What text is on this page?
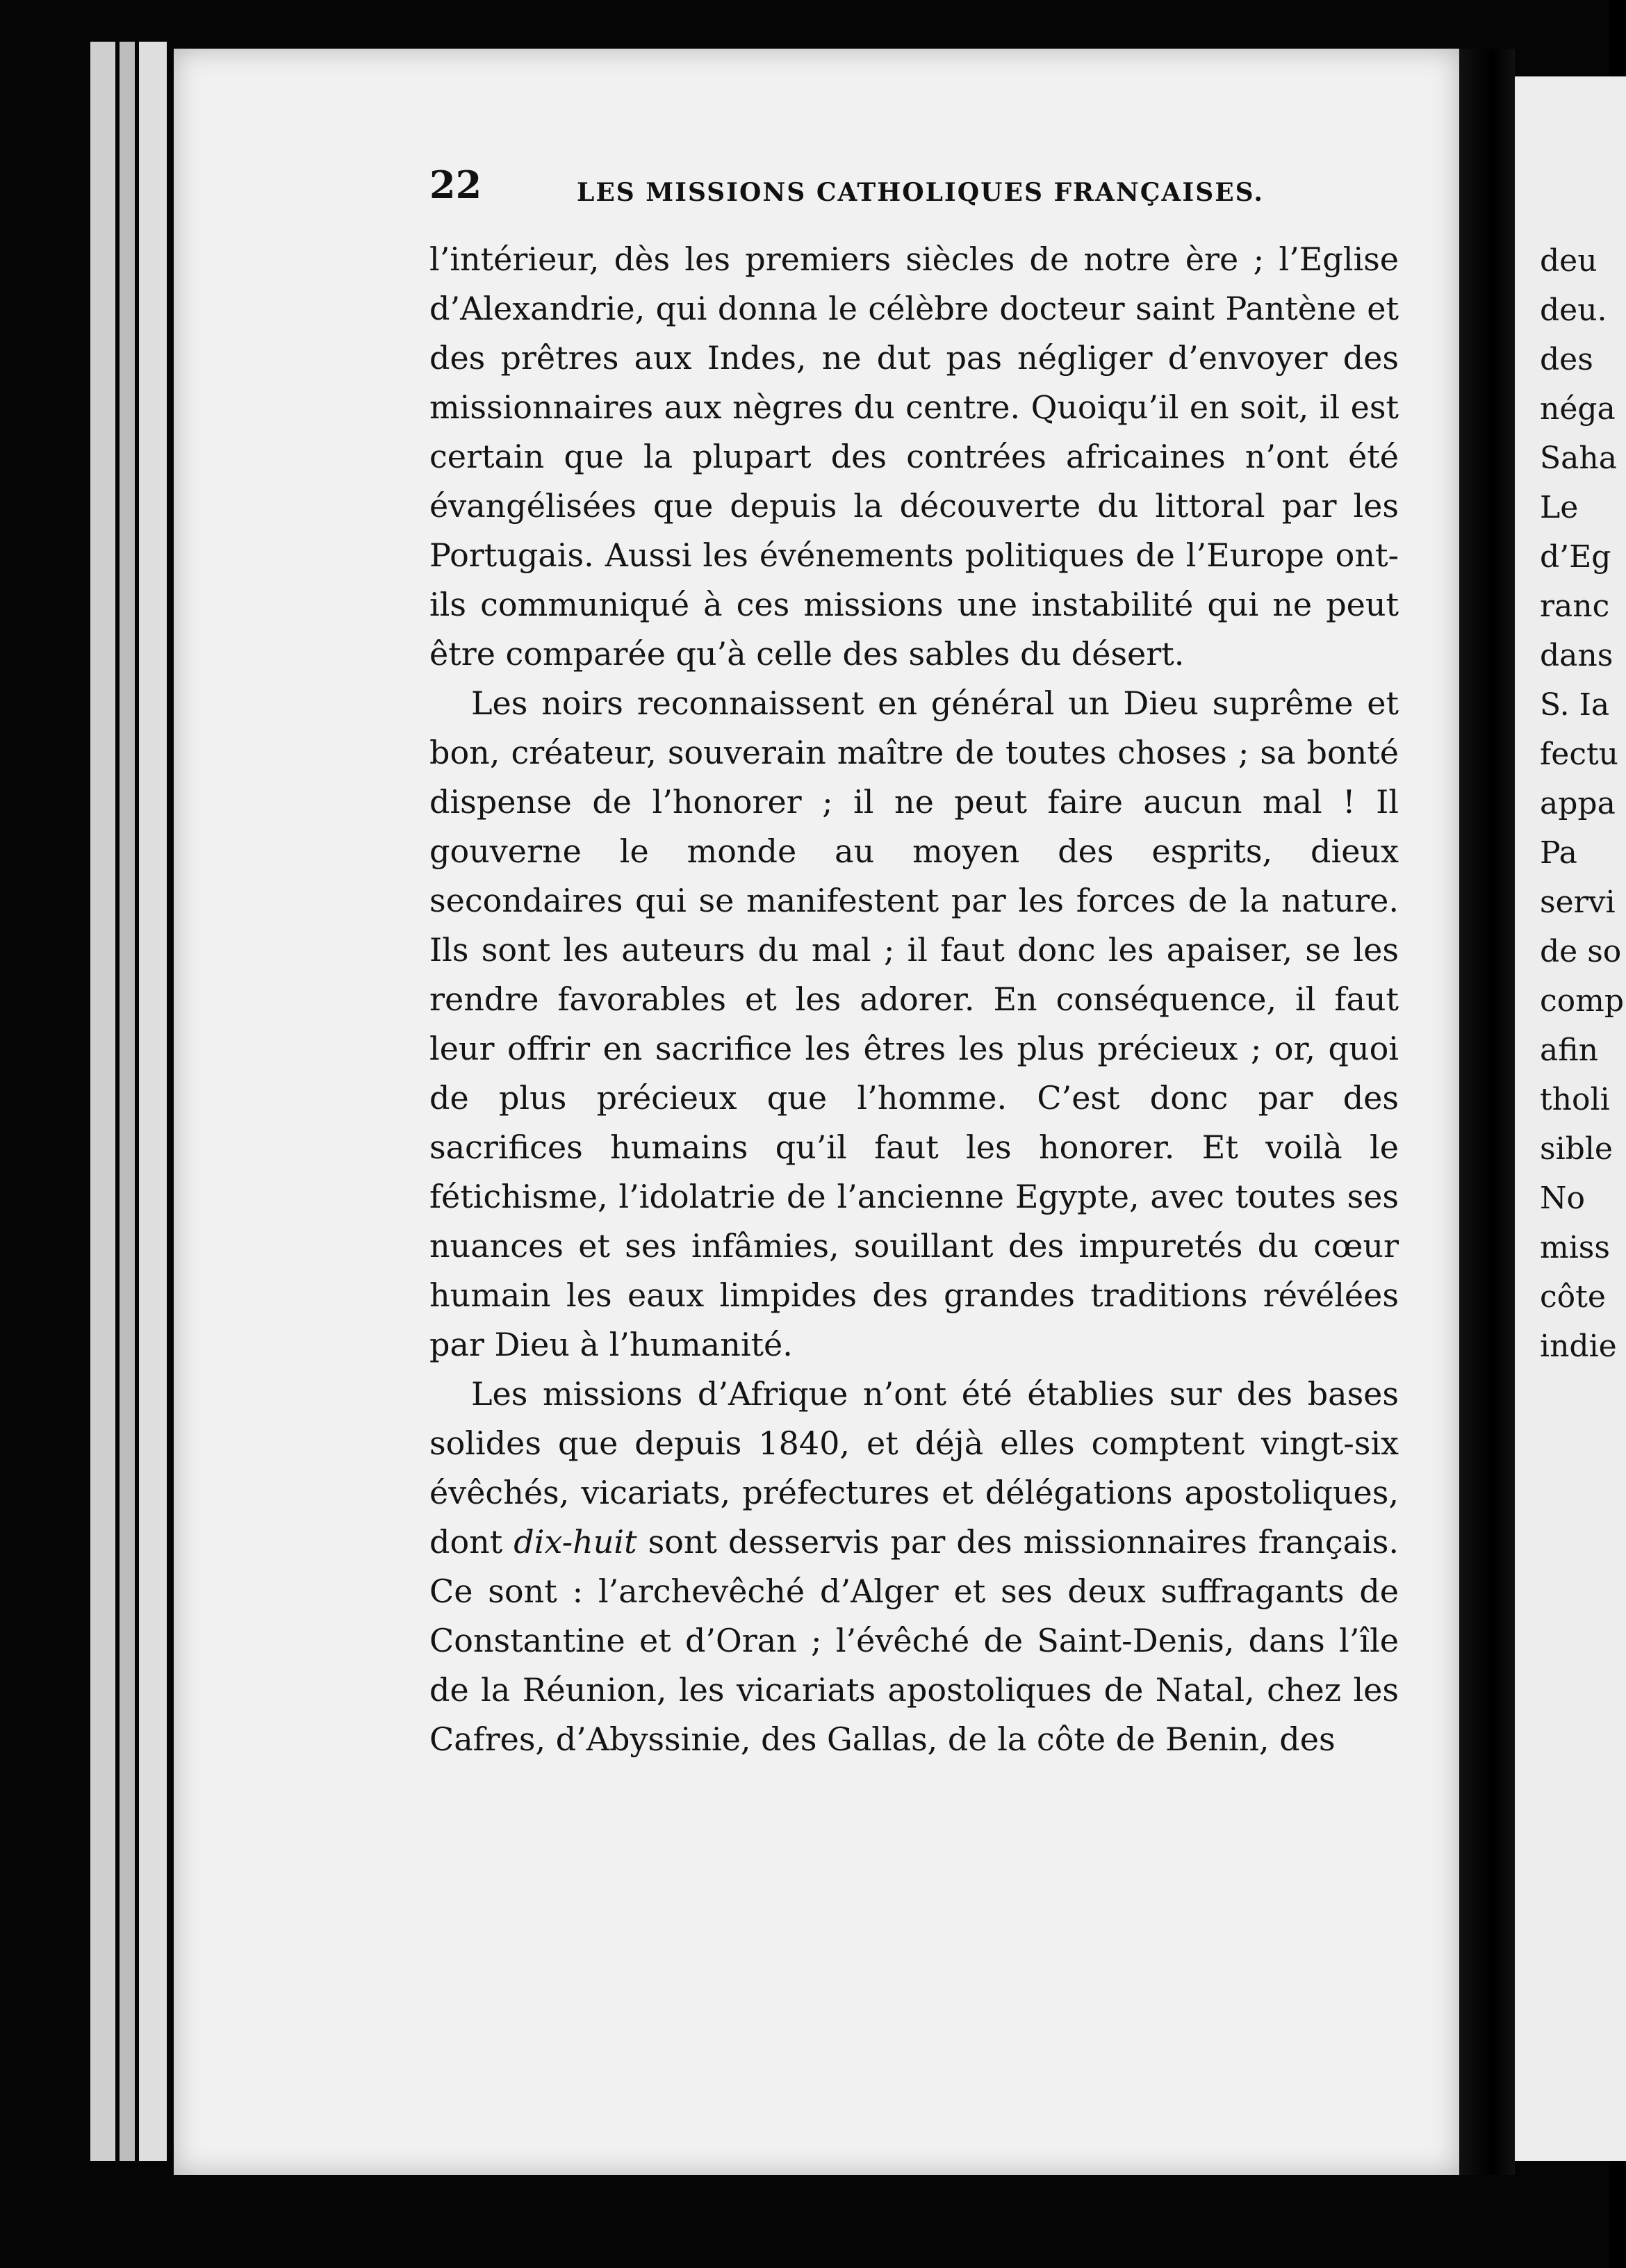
22	LES MISSIONS CATHOLIQUES FRANÇAISES.

l’intérieur, dès les premiers siècles de notre ère ; l’Eglise d’Alexandrie, qui donna le célèbre docteur saint Pantène et des prêtres aux Indes, ne dut pas négliger d’envoyer des missionnaires aux nègres du centre. Quoiqu’il en soit, il est certain que la plupart des contrées africaines n’ont été évangélisées que depuis la découverte du littoral par les Portugais. Aussi les événements politiques de l’Europe ont-ils communiqué à ces missions une instabilité qui ne peut être comparée qu’à celle des sables du désert.

Les noirs reconnaissent en général un Dieu suprême et bon, créateur, souverain maître de toutes choses ; sa bonté dispense de l’honorer ; il ne peut faire aucun mal ! Il gouverne le monde au moyen des esprits, dieux secondaires qui se manifestent par les forces de la nature. Ils sont les auteurs du mal ; il faut donc les apaiser, se les rendre favorables et les adorer. En conséquence, il faut leur offrir en sacrifice les êtres les plus précieux ; or, quoi de plus précieux que l’homme. C’est donc par des sacrifices humains qu’il faut les honorer. Et voilà le fétichisme, l’idolatrie de l’ancienne Egypte, avec toutes ses nuances et ses infâmies, souillant des impuretés du cœur humain les eaux limpides des grandes traditions révélées par Dieu à l’humanité.

Les missions d’Afrique n’ont été établies sur des bases solides que depuis 1840, et déjà elles comptent vingt-six évêchés, vicariats, préfectures et délégations apostoliques, dont dix-huit sont desservis par des missionnaires français. Ce sont : l’archevêché d’Alger et ses deux suffragants de Constantine et d’Oran ; l’évêché de Saint-Denis, dans l’île de la Réunion, les vicariats apostoliques de Natal, chez les Cafres, d’Abyssinie, des Gallas, de la côte de Benin, des

deu
deu.
des
néga
Saha
Le
d’Eg
ranc
dans
S. Ia
fectu
appa
Pa
servi
de so
comp
afin
tholi
sible
No
miss
côte
indie
